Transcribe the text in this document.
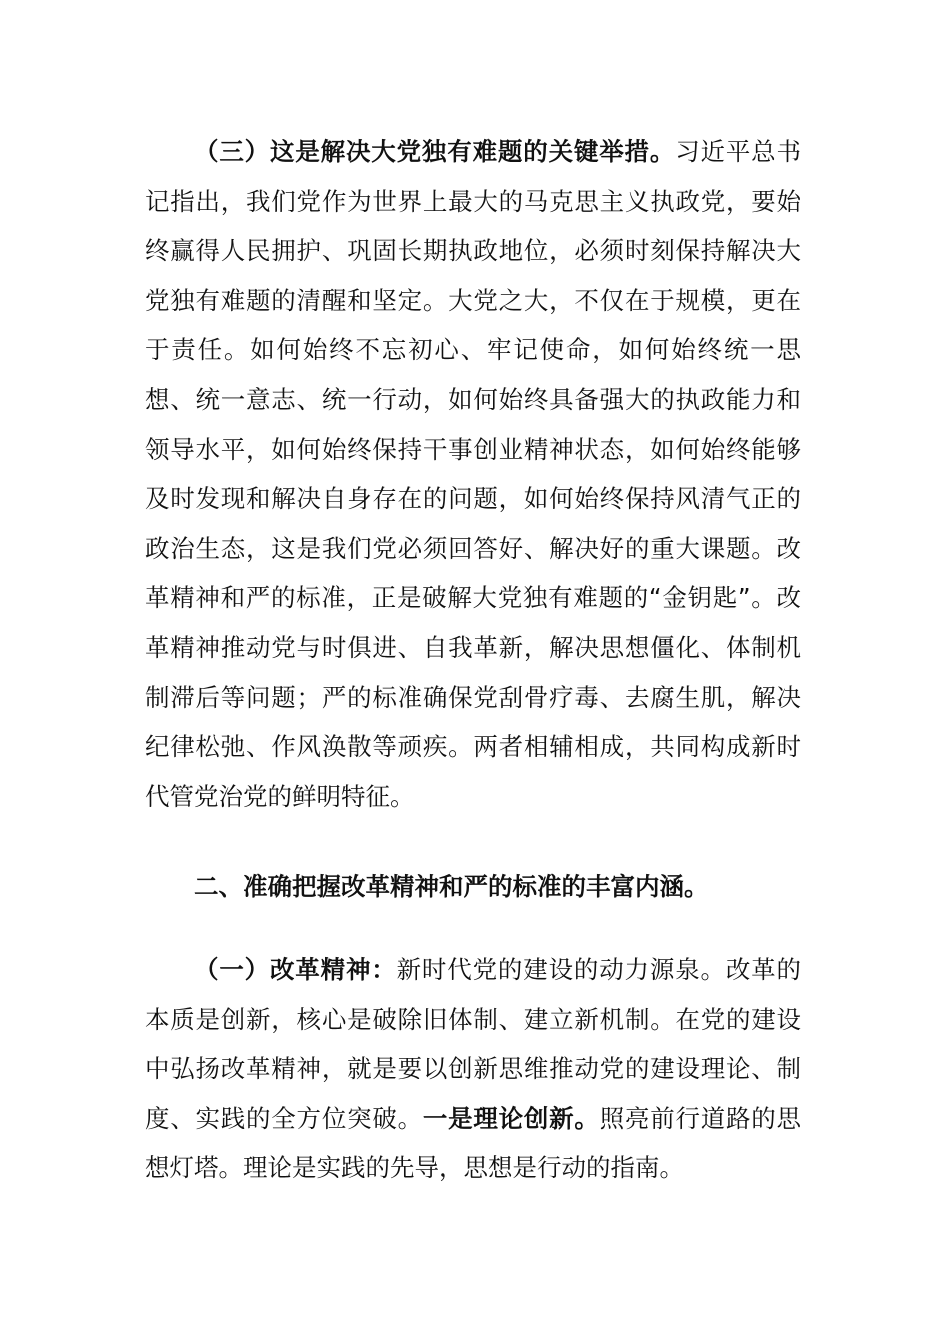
（三）这是解决大党独有难题的关键举措。习近平总书记指出，我们党作为世界上最大的马克思主义执政党，要始终赢得人民拥护、巩固长期执政地位，必须时刻保持解决大党独有难题的清醒和坚定。大党之大，不仅在于规模，更在于责任。如何始终不忘初心、牢记使命，如何始终统一思想、统一意志、统一行动，如何始终具备强大的执政能力和领导水平，如何始终保持干事创业精神状态，如何始终能够及时发现和解决自身存在的问题，如何始终保持风清气正的政治生态，这是我们党必须回答好、解决好的重大课题。改革精神和严的标准，正是破解大党独有难题的“金钥匙”。改革精神推动党与时俱进、自我革新，解决思想僵化、体制机制滞后等问题；严的标准确保党刮骨疗毒、去腐生肌，解决纪律松弛、作风涣散等顽疾。两者相辅相成，共同构成新时代管党治党的鲜明特征。

二、准确把握改革精神和严的标准的丰富内涵。

（一）改革精神：新时代党的建设的动力源泉。改革的本质是创新，核心是破除旧体制、建立新机制。在党的建设中弘扬改革精神，就是要以创新思维推动党的建设理论、制度、实践的全方位突破。一是理论创新。照亮前行道路的思想灯塔。理论是实践的先导，思想是行动的指南。
